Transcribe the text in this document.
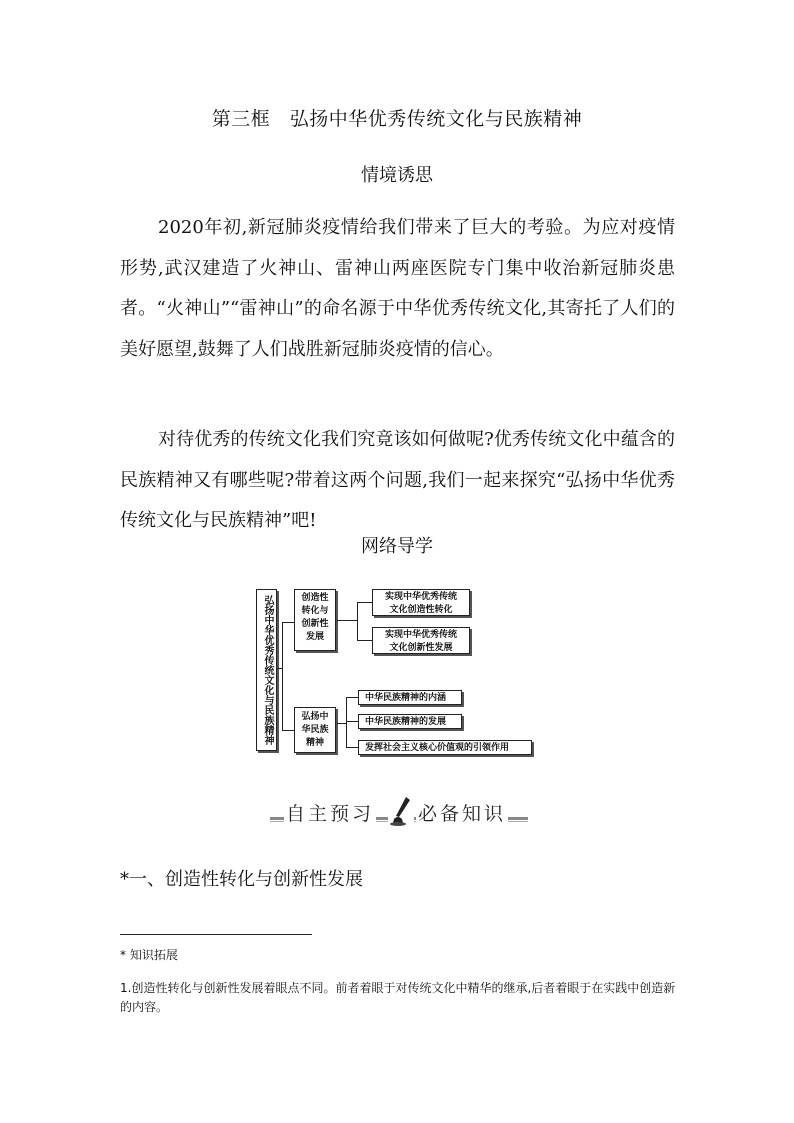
第三框　弘扬中华优秀传统文化与民族精神
情境诱思

2020年初,新冠肺炎疫情给我们带来了巨大的考验。为应对疫情形势,武汉建造了火神山、雷神山两座医院专门集中收治新冠肺炎患者。“火神山”“雷神山”的命名源于中华优秀传统文化,其寄托了人们的美好愿望,鼓舞了人们战胜新冠肺炎疫情的信心。

对待优秀的传统文化我们究竟该如何做呢?优秀传统文化中蕴含的民族精神又有哪些呢?带着这两个问题,我们一起来探究“弘扬中华优秀传统文化与民族精神”吧!

网络导学
弘扬中华优秀传统文化与民族精神	创造性
转化与
创新性
发展
弘扬中
华民族
精神
实现中华优秀传统
文化创造性转化
实现中华优秀传统
文化创新性发展
中华民族精神的内涵
中华民族精神的发展
发挥社会主义核心价值观的引领作用
自主预习 必备知识
*一、创造性转化与创新性发展
* 知识拓展
1.创造性转化与创新性发展着眼点不同。前者着眼于对传统文化中精华的继承,后者着眼于在实践中创造新的内容。
